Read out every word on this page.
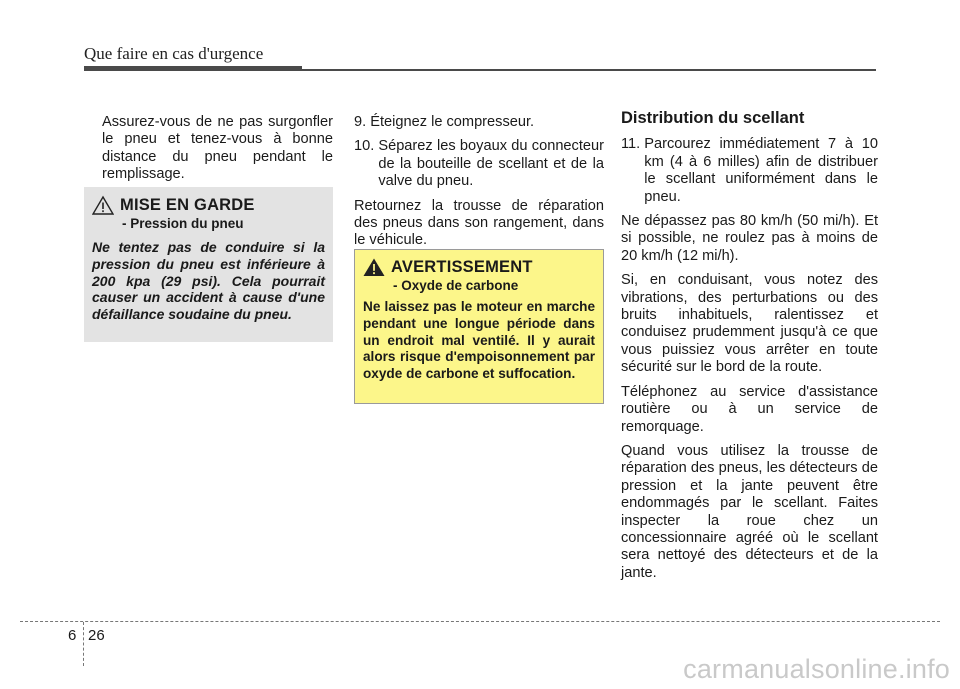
Que faire en cas d'urgence

Assurez-vous de ne pas surgonfler le pneu et tenez-vous à bonne distance du pneu pendant le remplissage.

MISE EN GARDE
- Pression du pneu
Ne tentez pas de conduire si la pression du pneu est inférieure à 200 kpa (29 psi). Cela pourrait causer un accident à cause d'une défaillance soudaine du pneu.
9. Éteignez le compresseur.
10. Séparez les boyaux du connecteur de la bouteille de scellant et de la valve du pneu.

Retournez la trousse de réparation des pneus dans son rangement, dans le véhicule.

AVERTISSEMENT
- Oxyde de carbone
Ne laissez pas le moteur en marche pendant une longue période dans un endroit mal ventilé. Il y aurait alors risque d'empoisonnement par oxyde de carbone et suffocation.
Distribution du scellant
11. Parcourez immédiatement 7 à 10 km (4 à 6 milles) afin de distribuer le scellant uniformément dans le pneu.

Ne dépassez pas 80 km/h (50 mi/h). Et si possible, ne roulez pas à moins de 20 km/h (12 mi/h).

Si, en conduisant, vous notez des vibrations, des perturbations ou des bruits inhabituels, ralentissez et conduisez prudemment jusqu'à ce que vous puissiez vous arrêter en toute sécurité sur le bord de la route.

Téléphonez au service d'assistance routière ou à un service de remorquage.

Quand vous utilisez la trousse de réparation des pneus, les détecteurs de pression et la jante peuvent être endommagés par le scellant. Faites inspecter la roue chez un concessionnaire agréé où le scellant sera nettoyé des détecteurs et de la jante.

6 26
carmanualsonline.info
